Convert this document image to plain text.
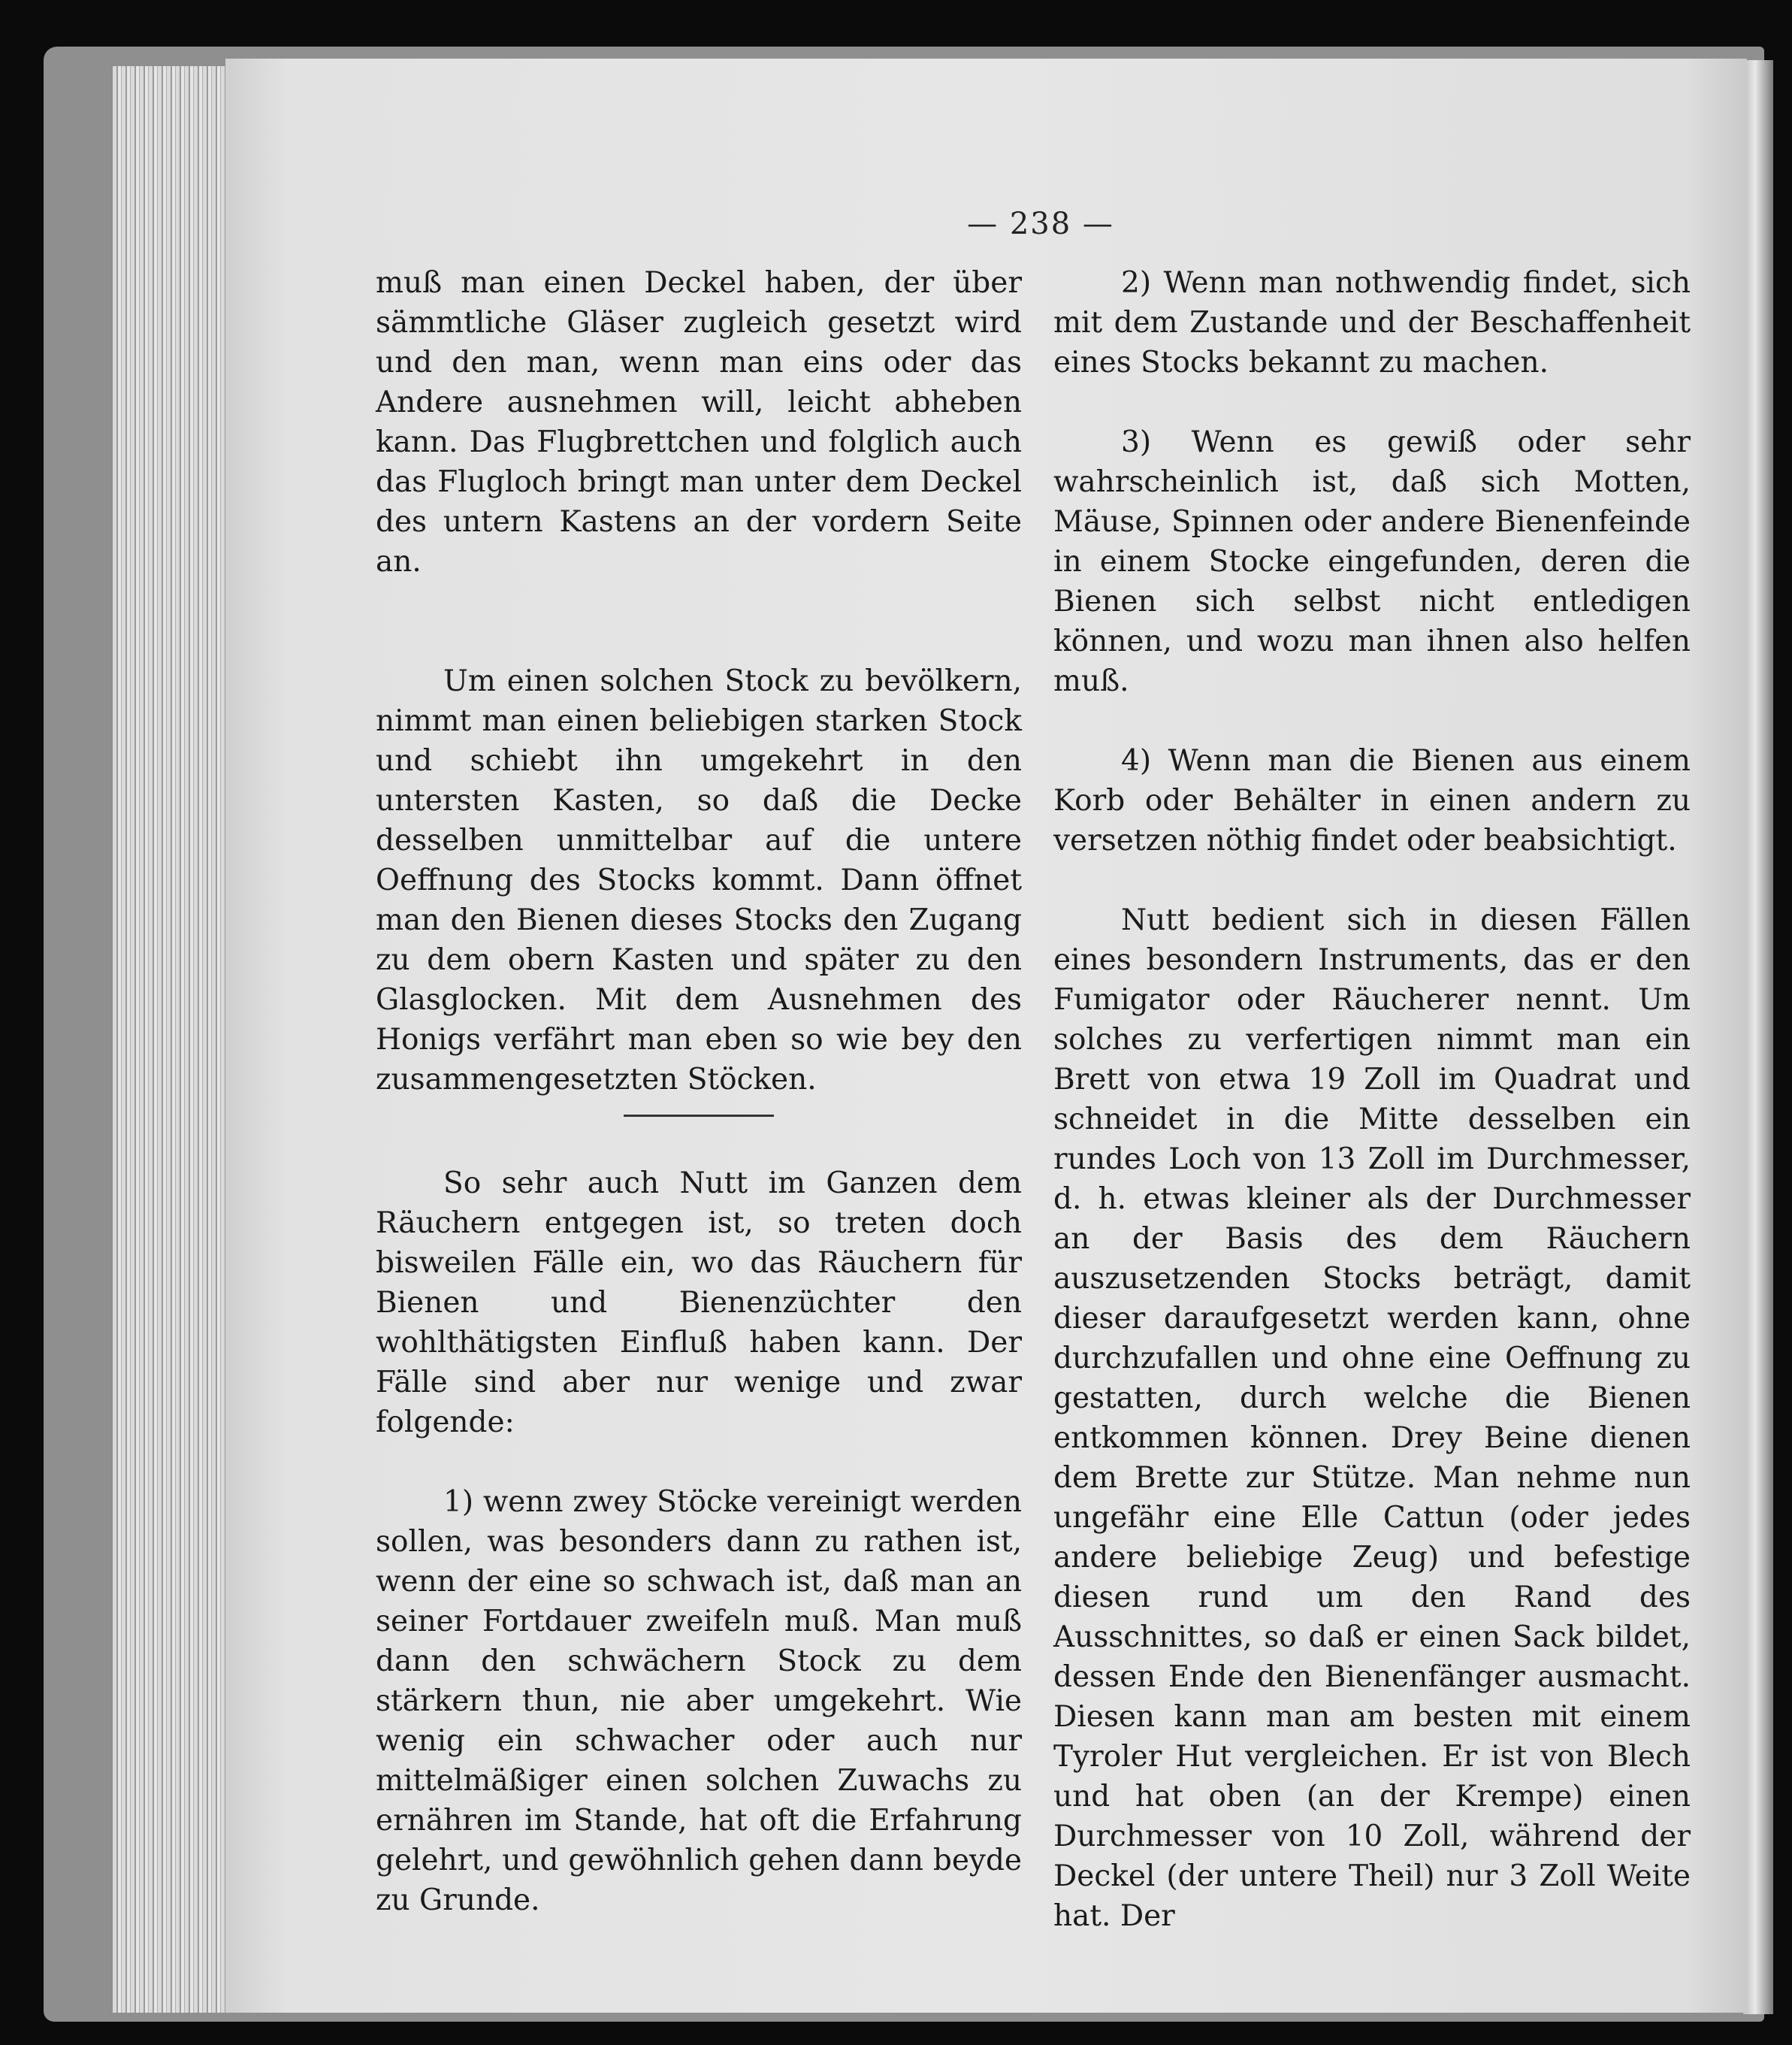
— 238 —

muß man einen Deckel haben, der über sämmtliche Gläser zugleich gesetzt wird und den man, wenn man eins oder das Andere ausnehmen will, leicht abheben kann. Das Flugbrettchen und folglich auch das Flugloch bringt man unter dem Deckel des untern Kastens an der vordern Seite an.

Um einen solchen Stock zu bevölkern, nimmt man einen beliebigen starken Stock und schiebt ihn umgekehrt in den untersten Kasten, so daß die Decke desselben unmittelbar auf die untere Oeffnung des Stocks kommt. Dann öffnet man den Bienen dieses Stocks den Zugang zu dem obern Kasten und später zu den Glasglocken. Mit dem Ausnehmen des Honigs verfährt man eben so wie bey den zusammengesetzten Stöcken.

So sehr auch Nutt im Ganzen dem Räuchern entgegen ist, so treten doch bisweilen Fälle ein, wo das Räuchern für Bienen und Bienenzüchter den wohlthätigsten Einfluß haben kann. Der Fälle sind aber nur wenige und zwar folgende:

1) wenn zwey Stöcke vereinigt werden sollen, was besonders dann zu rathen ist, wenn der eine so schwach ist, daß man an seiner Fortdauer zweifeln muß. Man muß dann den schwächern Stock zu dem stärkern thun, nie aber umgekehrt. Wie wenig ein schwacher oder auch nur mittelmäßiger einen solchen Zuwachs zu ernähren im Stande, hat oft die Erfahrung gelehrt, und gewöhnlich gehen dann beyde zu Grunde.

2) Wenn man nothwendig findet, sich mit dem Zustande und der Beschaffenheit eines Stocks bekannt zu machen.

3) Wenn es gewiß oder sehr wahrscheinlich ist, daß sich Motten, Mäuse, Spinnen oder andere Bienenfeinde in einem Stocke eingefunden, deren die Bienen sich selbst nicht entledigen können, und wozu man ihnen also helfen muß.

4) Wenn man die Bienen aus einem Korb oder Behälter in einen andern zu versetzen nöthig findet oder beabsichtigt.

Nutt bedient sich in diesen Fällen eines besondern Instruments, das er den Fumigator oder Räucherer nennt. Um solches zu verfertigen nimmt man ein Brett von etwa 19 Zoll im Quadrat und schneidet in die Mitte desselben ein rundes Loch von 13 Zoll im Durchmesser, d. h. etwas kleiner als der Durchmesser an der Basis des dem Räuchern auszusetzenden Stocks beträgt, damit dieser daraufgesetzt werden kann, ohne durchzufallen und ohne eine Oeffnung zu gestatten, durch welche die Bienen entkommen können. Drey Beine dienen dem Brette zur Stütze. Man nehme nun ungefähr eine Elle Cattun (oder jedes andere beliebige Zeug) und befestige diesen rund um den Rand des Ausschnittes, so daß er einen Sack bildet, dessen Ende den Bienenfänger ausmacht. Diesen kann man am besten mit einem Tyroler Hut vergleichen. Er ist von Blech und hat oben (an der Krempe) einen Durchmesser von 10 Zoll, während der Deckel (der untere Theil) nur 3 Zoll Weite hat. Der
